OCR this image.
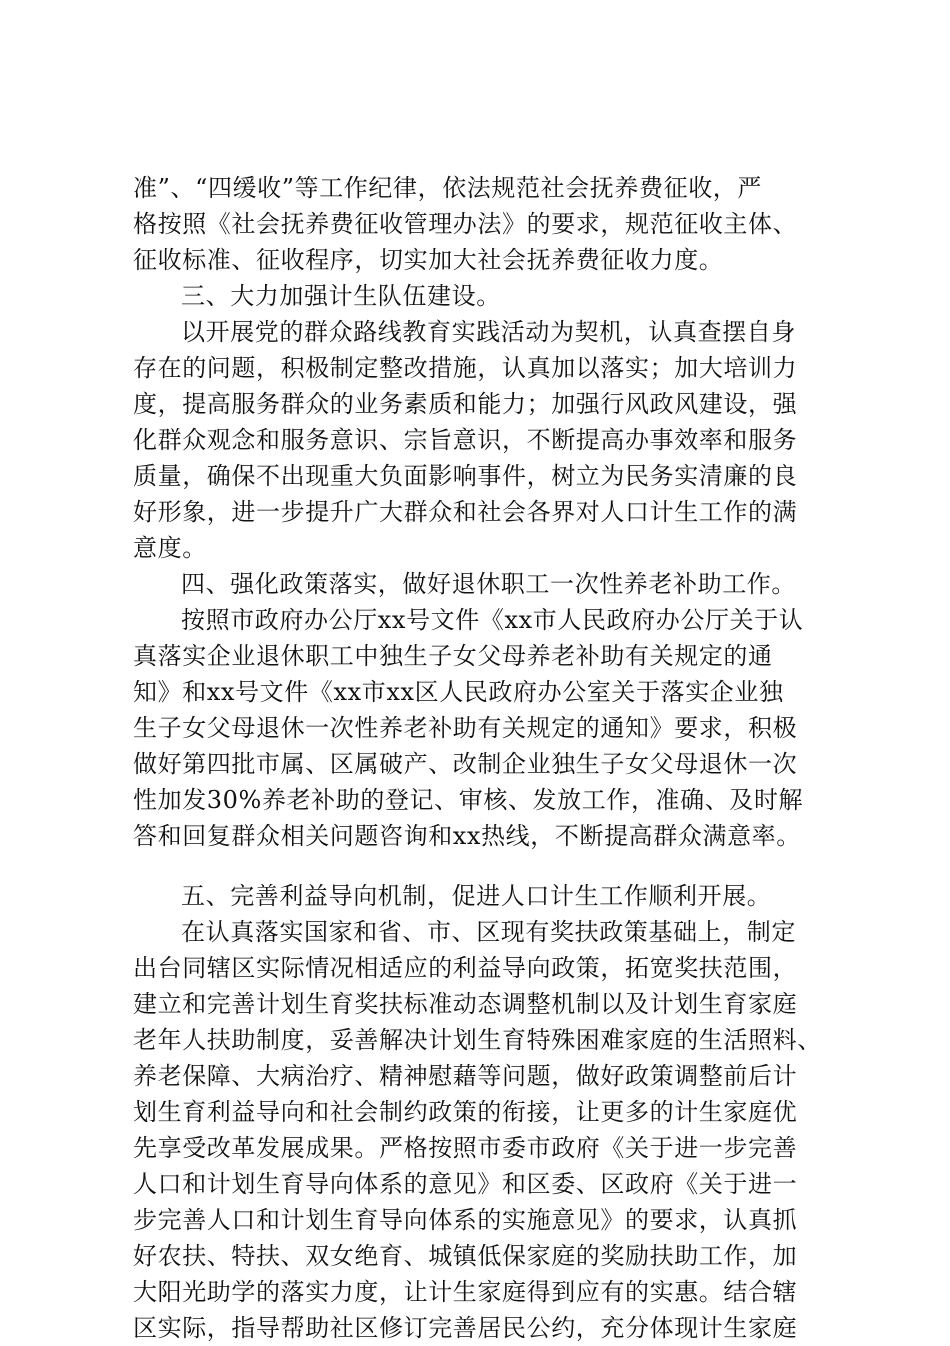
准”、“四缓收”等工作纪律，依法规范社会抚养费征收，严
格按照《社会抚养费征收管理办法》的要求，规范征收主体、
征收标准、征收程序，切实加大社会抚养费征收力度。
三、大力加强计生队伍建设。
以开展党的群众路线教育实践活动为契机，认真查摆自身
存在的问题，积极制定整改措施，认真加以落实；加大培训力
度，提高服务群众的业务素质和能力；加强行风政风建设，强
化群众观念和服务意识、宗旨意识，不断提高办事效率和服务
质量，确保不出现重大负面影响事件，树立为民务实清廉的良
好形象，进一步提升广大群众和社会各界对人口计生工作的满
意度。
四、强化政策落实，做好退休职工一次性养老补助工作。
按照市政府办公厅xx号文件《xx市人民政府办公厅关于认
真落实企业退休职工中独生子女父母养老补助有关规定的通
知》和xx号文件《xx市xx区人民政府办公室关于落实企业独
生子女父母退休一次性养老补助有关规定的通知》要求，积极
做好第四批市属、区属破产、改制企业独生子女父母退休一次
性加发30%养老补助的登记、审核、发放工作，准确、及时解
答和回复群众相关问题咨询和xx热线，不断提高群众满意率。
五、完善利益导向机制，促进人口计生工作顺利开展。
在认真落实国家和省、市、区现有奖扶政策基础上，制定
出台同辖区实际情况相适应的利益导向政策，拓宽奖扶范围，
建立和完善计划生育奖扶标准动态调整机制以及计划生育家庭
老年人扶助制度，妥善解决计划生育特殊困难家庭的生活照料、
养老保障、大病治疗、精神慰藉等问题，做好政策调整前后计
划生育利益导向和社会制约政策的衔接，让更多的计生家庭优
先享受改革发展成果。严格按照市委市政府《关于进一步完善
人口和计划生育导向体系的意见》和区委、区政府《关于进一
步完善人口和计划生育导向体系的实施意见》的要求，认真抓
好农扶、特扶、双女绝育、城镇低保家庭的奖励扶助工作，加
大阳光助学的落实力度，让计生家庭得到应有的实惠。结合辖
区实际，指导帮助社区修订完善居民公约，充分体现计生家庭
